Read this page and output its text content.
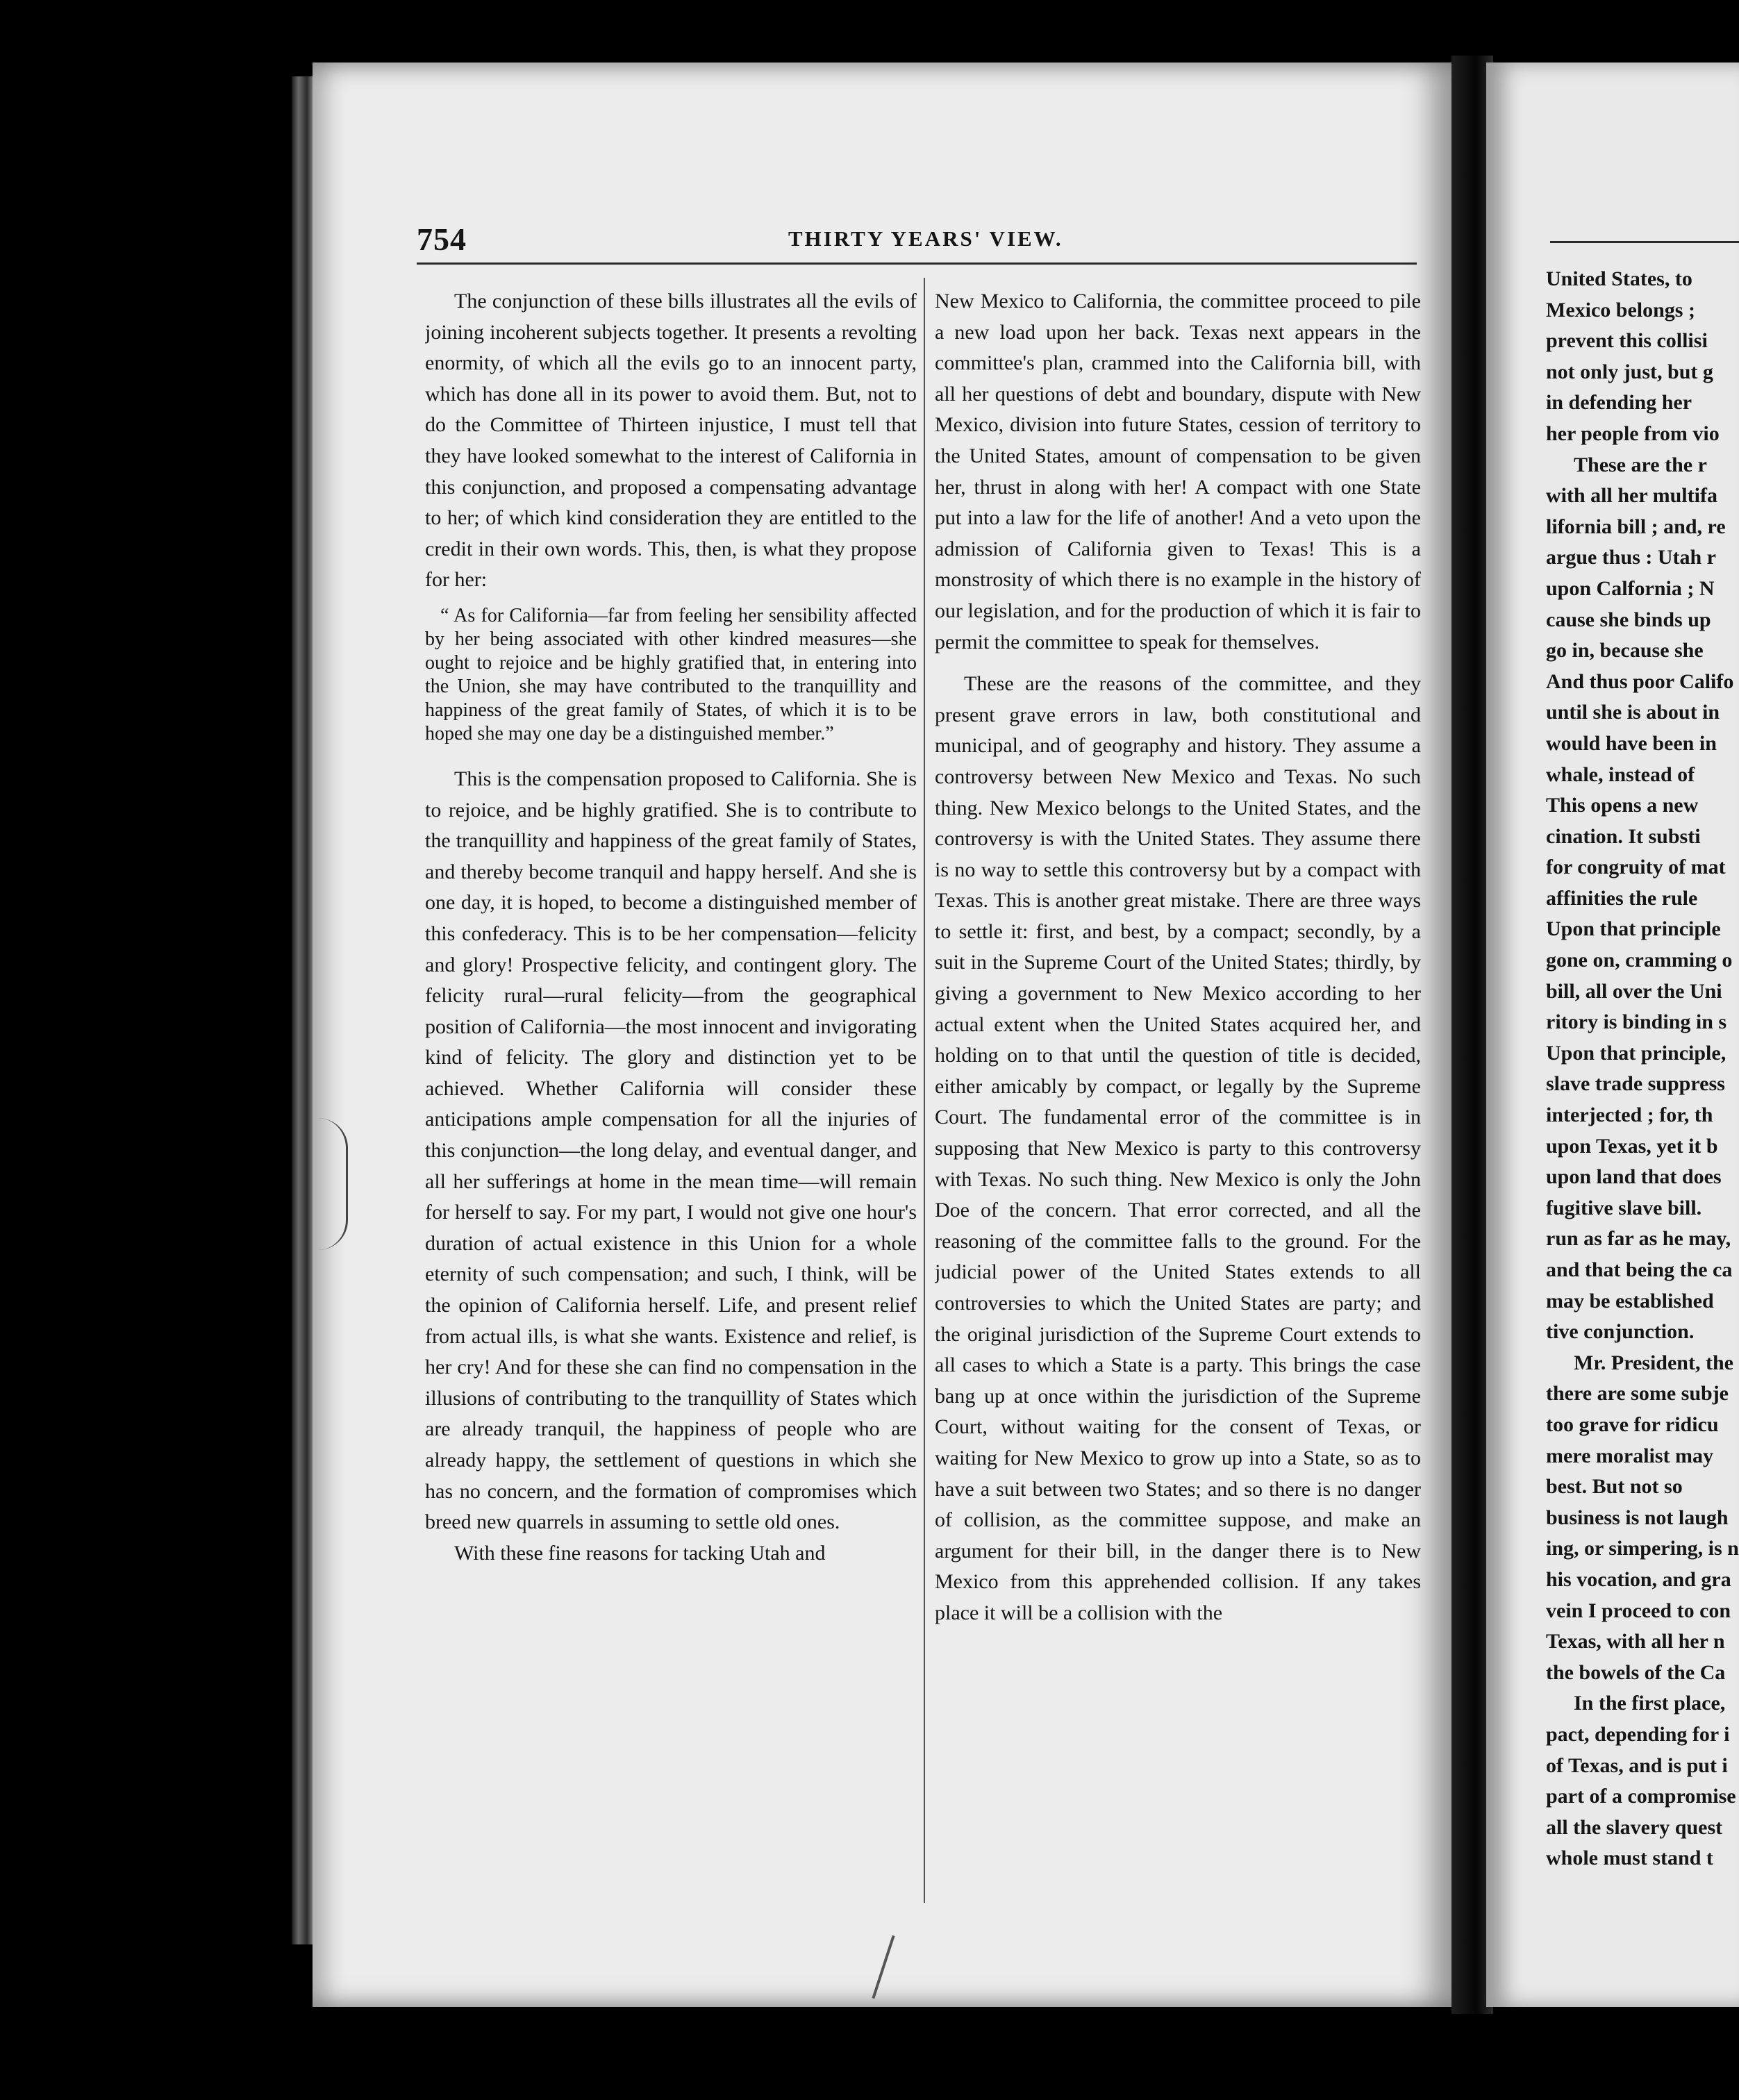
United States, to
Mexico belongs ;
prevent this collisi
not only just, but g
in defending her
her people from vio
These are the r
with all her multifa
lifornia bill ; and, re
argue thus : Utah r
upon Calfornia ; N
cause she binds up
go in, because she
And thus poor Califo
until she is about in
would have been in
whale, instead of
This opens a new
cination. It substi
for congruity of mat
affinities the rule
Upon that principle
gone on, cramming o
bill, all over the Uni
ritory is binding in s
Upon that principle,
slave trade suppress
interjected ; for, th
upon Texas, yet it b
upon land that does
fugitive slave bill.
run as far as he may,
and that being the ca
may be established
tive conjunction.
Mr. President, the
there are some subje
too grave for ridicu
mere moralist may
best. But not so
business is not laugh
ing, or simpering, is n
his vocation, and gra
vein I proceed to con
Texas, with all her n
the bowels of the Ca
In the first place,
pact, depending for i
of Texas, and is put i
part of a compromise
all the slavery quest
whole must stand t
754	THIRTY YEARS' VIEW.

The conjunction of these bills illustrates all the evils of joining incoherent subjects together. It presents a revolting enormity, of which all the evils go to an innocent party, which has done all in its power to avoid them. But, not to do the Committee of Thirteen injustice, I must tell that they have looked somewhat to the interest of California in this conjunction, and proposed a compensating advantage to her; of which kind consideration they are entitled to the credit in their own words. This, then, is what they propose for her:

“ As for California—far from feeling her sensibility affected by her being associated with other kindred measures—she ought to rejoice and be highly gratified that, in entering into the Union, she may have contributed to the tranquillity and happiness of the great family of States, of which it is to be hoped she may one day be a distinguished member.”

This is the compensation proposed to California. She is to rejoice, and be highly gratified. She is to contribute to the tranquillity and happiness of the great family of States, and thereby become tranquil and happy herself. And she is one day, it is hoped, to become a distinguished member of this confederacy. This is to be her compensation—felicity and glory! Prospective felicity, and contingent glory. The felicity rural—rural felicity—from the geographical position of California—the most innocent and invigorating kind of felicity. The glory and distinction yet to be achieved. Whether California will consider these anticipations ample compensation for all the injuries of this conjunction—the long delay, and eventual danger, and all her sufferings at home in the mean time—will remain for herself to say. For my part, I would not give one hour's duration of actual existence in this Union for a whole eternity of such compensation; and such, I think, will be the opinion of California herself. Life, and present relief from actual ills, is what she wants. Existence and relief, is her cry! And for these she can find no compensation in the illusions of contributing to the tranquillity of States which are already tranquil, the happiness of people who are already happy, the settlement of questions in which she has no concern, and the formation of compromises which breed new quarrels in assuming to settle old ones.

With these fine reasons for tacking Utah and

New Mexico to California, the committee proceed to pile a new load upon her back. Texas next appears in the committee's plan, crammed into the California bill, with all her questions of debt and boundary, dispute with New Mexico, division into future States, cession of territory to the United States, amount of compensation to be given her, thrust in along with her! A compact with one State put into a law for the life of another! And a veto upon the admission of California given to Texas! This is a monstrosity of which there is no example in the history of our legislation, and for the production of which it is fair to permit the committee to speak for themselves.

These are the reasons of the committee, and they present grave errors in law, both constitutional and municipal, and of geography and history. They assume a controversy between New Mexico and Texas. No such thing. New Mexico belongs to the United States, and the controversy is with the United States. They assume there is no way to settle this controversy but by a compact with Texas. This is another great mistake. There are three ways to settle it: first, and best, by a compact; secondly, by a suit in the Supreme Court of the United States; thirdly, by giving a government to New Mexico according to her actual extent when the United States acquired her, and holding on to that until the question of title is decided, either amicably by compact, or legally by the Supreme Court. The fundamental error of the committee is in supposing that New Mexico is party to this controversy with Texas. No such thing. New Mexico is only the John Doe of the concern. That error corrected, and all the reasoning of the committee falls to the ground. For the judicial power of the United States extends to all controversies to which the United States are party; and the original jurisdiction of the Supreme Court extends to all cases to which a State is a party. This brings the case bang up at once within the jurisdiction of the Supreme Court, without waiting for the consent of Texas, or waiting for New Mexico to grow up into a State, so as to have a suit between two States; and so there is no danger of collision, as the committee suppose, and make an argument for their bill, in the danger there is to New Mexico from this apprehended collision. If any takes place it will be a collision with the
